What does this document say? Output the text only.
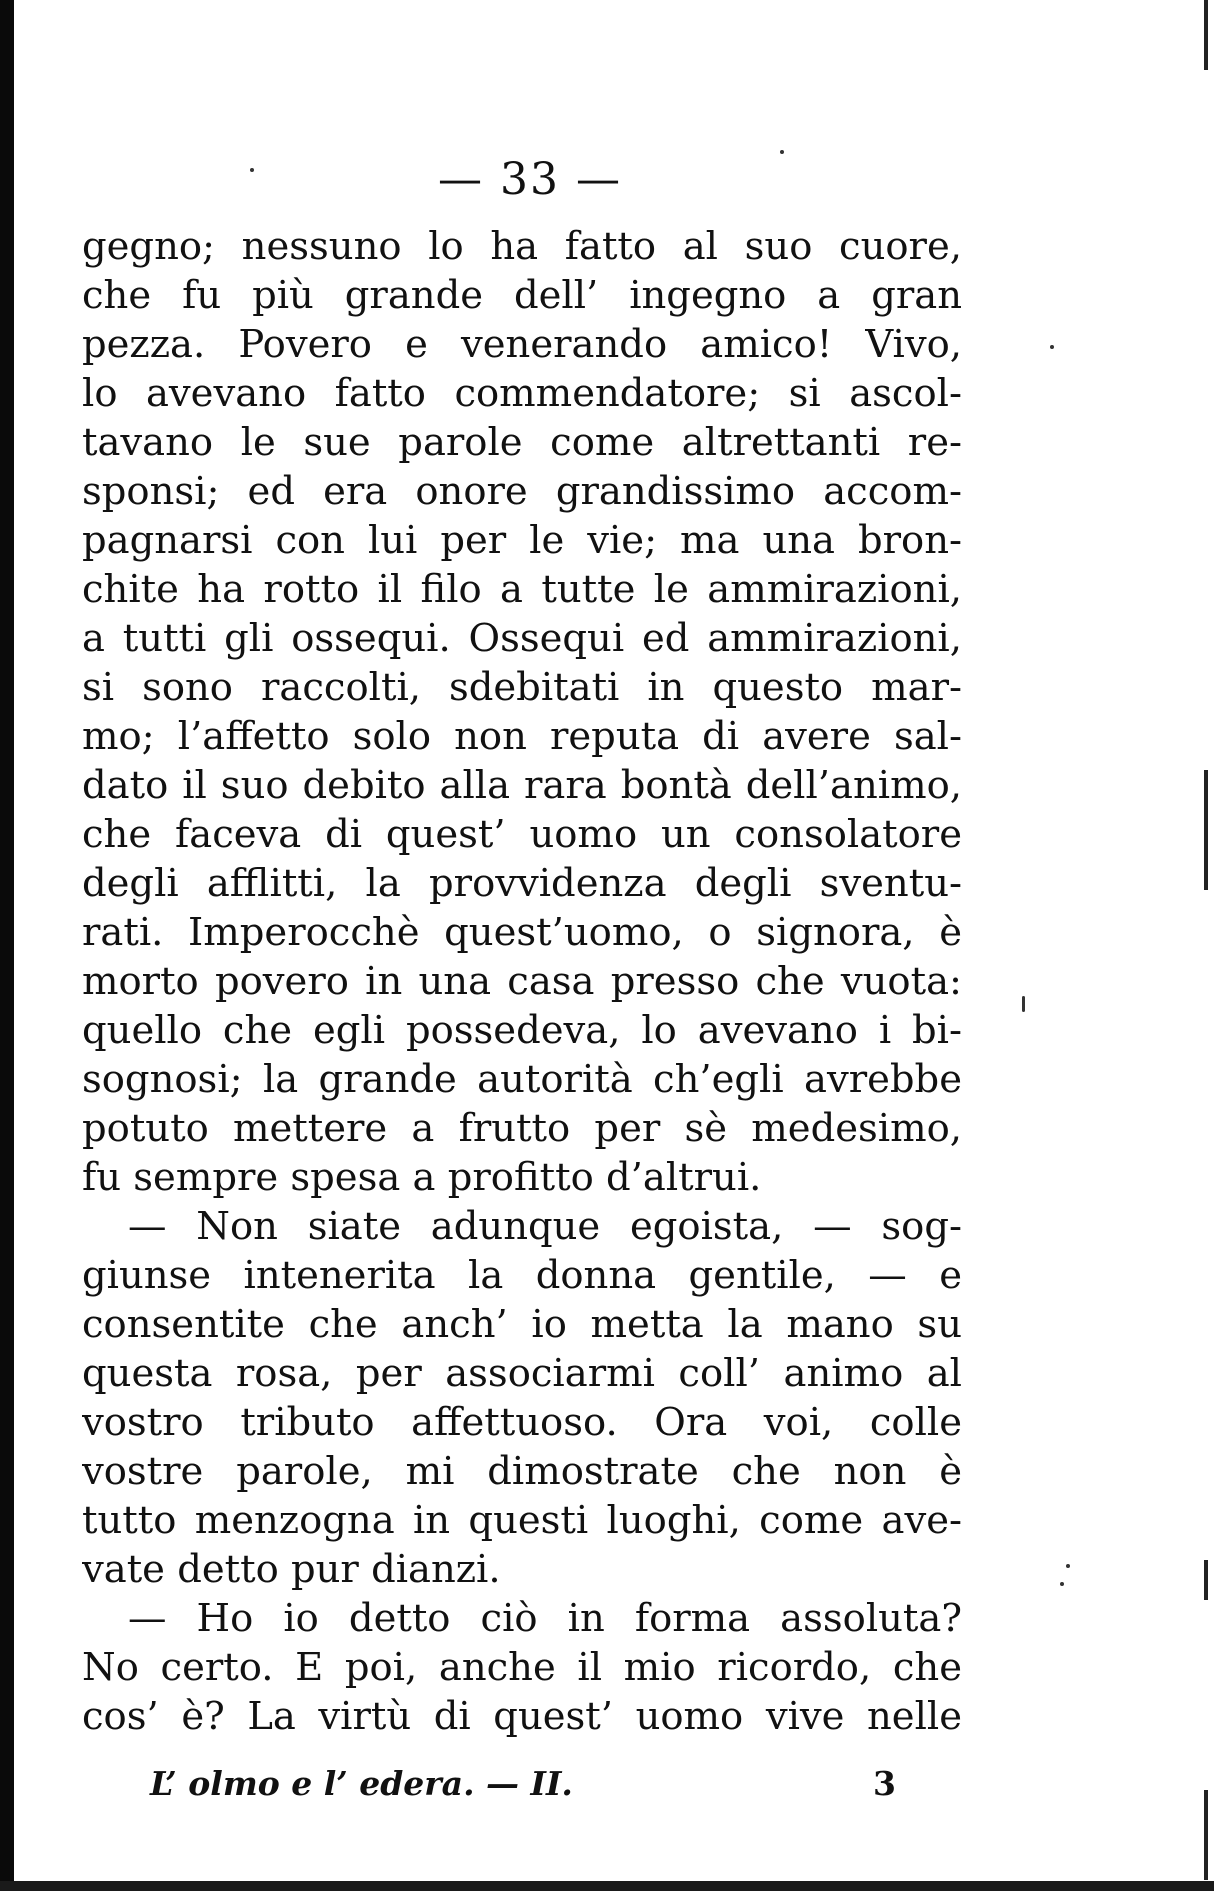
— 33 —
gegno; nessuno lo ha fatto al suo cuore,
che fu più grande dell’ ingegno a gran
pezza. Povero e venerando amico! Vivo,
lo avevano fatto commendatore; si ascol-
tavano le sue parole come altrettanti re-
sponsi; ed era onore grandissimo accom-
pagnarsi con lui per le vie; ma una bron-
chite ha rotto il filo a tutte le ammirazioni,
a tutti gli ossequi. Ossequi ed ammirazioni,
si sono raccolti, sdebitati in questo mar-
mo; l’affetto solo non reputa di avere sal-
dato il suo debito alla rara bontà dell’animo,
che faceva di quest’ uomo un consolatore
degli afflitti, la provvidenza degli sventu-
rati. Imperocchè quest’uomo, o signora, è
morto povero in una casa presso che vuota:
quello che egli possedeva, lo avevano i bi-
sognosi; la grande autorità ch’egli avrebbe
potuto mettere a frutto per sè medesimo,
fu sempre spesa a profitto d’altrui.
— Non siate adunque egoista, — sog-
giunse intenerita la donna gentile, — e
consentite che anch’ io metta la mano su
questa rosa, per associarmi coll’ animo al
vostro tributo affettuoso. Ora voi, colle
vostre parole, mi dimostrate che non è
tutto menzogna in questi luoghi, come ave-
vate detto pur dianzi.
— Ho io detto ciò in forma assoluta?
No certo. E poi, anche il mio ricordo, che
cos’ è? La virtù di quest’ uomo vive nelle
L’ olmo e l’ edera. — II.	3
